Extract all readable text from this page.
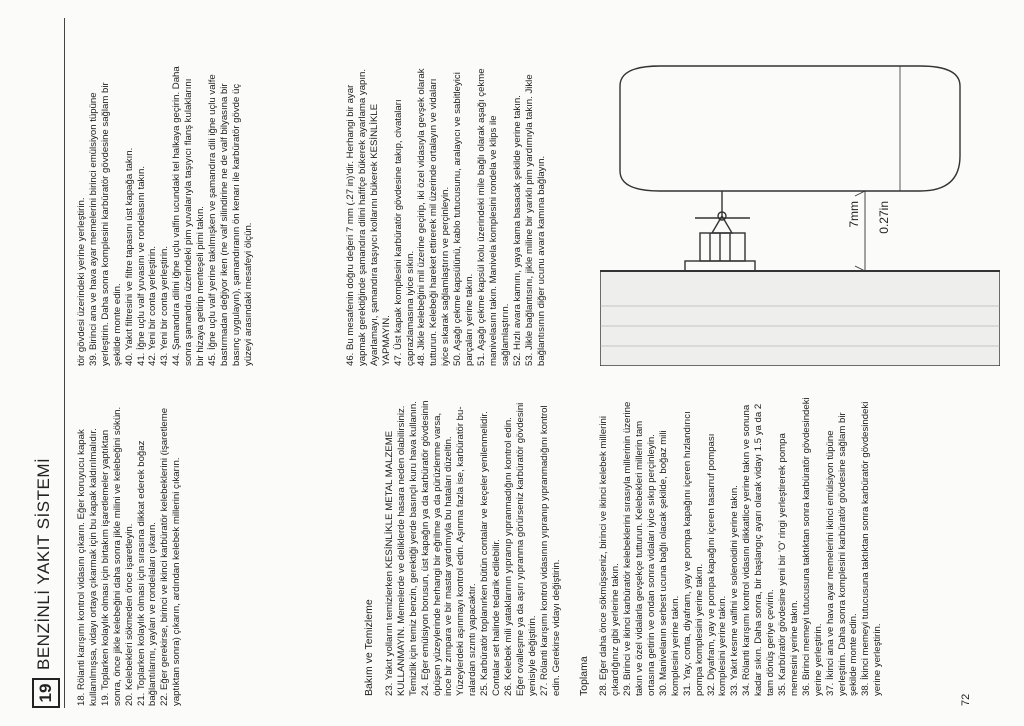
19
BENZİNLİ YAKIT SİSTEMİ 18. Rölanti karışımı kontrol vidasını çıkarın. Eğer koruyucu kapak kullanılmışsa, vidayı ortaya çıkarmak için bu kapak kaldırılmalıdır. 19. Toplarken kolaylık olması için birtakım işaretlemeler yaptıktan sonra, önce jikle kelebeğini daha sonra jikle milini ve kelebeğini sökün. 20. Kelebekleri sökmeden önce işaretleyin. 21. Toplarken kolaylık olması için sırasına dikkat ederek boğaz bağlantılarını, yayları ve rondelaları çıkarın. 22. Eğer gerekirse, birinci ve ikinci karbüratör kelebeklerini (işaretleme yaptıktan sonra) çıkarın, ardından kelebek millerini çıkarın.	Bakım ve Temizleme 23. Yakıt yollarını temizlerken KESİNLİKLE METAL MALZEME KULLANMAYIN. Memelerde ve deliklerde hasara neden olabilirsiniz. Temizlik için temiz benzin, gerektiği yerde basınçlı kuru hava kullanın. 24. Eğer emülsiyon borusun, üst kapağın ya da karbüratör gövdesinin öpüşen yüzeylerinde herhangi bir eğrilme ya da pürüzlenme varsa, ince bir zımpara ve bir mastar yardımıyla bu hataları düzeltin. Yüzeylerdeki aşınmayı kontrol edin. Aşınma fazla ise, karbüratör buralardan sızıntı yapacaktır. 25. Karbüratör toplanırken bütün contalar ve keçeler yenilenmelidir. Contalar set halinde tedarik edilebilir. 26. Kelebek mili yataklarının yıpranıp yıpranmadığını kontrol edin. Eğer ovalleşme ya da aşırı yıpranma görürseniz karbüratör gövdesini yenisiyle değiştirin. 27. Rölanti karışımı kontrol vidasının yıpranıp yıpranmadığını kontrol edin. Gerekirse vidayı değiştirin. Toplama 28. Eğer daha önce sökmüşseniz, birinci ve ikinci kelebek millerini çıkardığınız gibi yerlerine takın. 29. Birinci ve ikinci karbüratör kelebeklerini sırasıyla millerinin üzerine takın ve özel vidalarla gevşekçe tutturun. Kelebekleri millerin tam ortasına getirin ve ondan sonra vidaları iyice sıkıp perçinleyin. 30. Manivelanın serbest ucuna bağlı olacak şekilde, boğaz mili komplesini yerine takın. 31. Yay, conta, diyafram, yay ve pompa kapağını içeren hızlandırıcı pompa komplesini yerine takın. 32. Diyafram, yay ve pompa kapağını içeren tasarruf pompası komplesini yerine takın. 33. Yakıt kesme valfini ve solenoidini yerine takın. 34. Rölanti karışımı kontrol vidasını dikkatlice yerine takın ve sonuna kadar sıkın. Daha sonra, bir başlangıç ayarı olarak vidayı 1.5 ya da 2 tam dönüş geriye çevirin. 35. Karbüratör gövdesine yeni bir 'O' ringi yerleştirerek pompa memesini yerine takın. 36. Birinci memeyi tutucusuna taktıktan sonra karbüratör gövdesindeki yerine yerleştirin. 37. İkinci ana ve hava ayar memelerini ikinci emülsiyon tüpüne yerleştirin. Daha sonra komplesini karbüratör gövdesine sağlam bir şekilde monte edin. 38. İkinci memeyi tutucusuna taktıktan sonra karbüratör gövdesindeki yerine yerleştirin.

72

tör gövdesi üzerindeki yerine yerleştirin. 39. Birinci ana ve hava ayar memelerini birinci emülsiyon tüpüne yerleştirin. Daha sonra komplesini karbüratör gövdesine sağlam bir şekilde monte edin. 40. Yakıt filtresini ve filtre tapasını üst kapağa takın. 41. İğne uçlu valf yuvasını ve rondelasını takın. 42. Yeni bir conta yerleştirin. 43. Yeni bir conta yerleştirin. 44. Şamandıra dilini iğne uçlu valfin ucundaki tel halkaya geçirin. Daha sonra şamandıra üzerindeki pim yuvalarıyla taşıyıcı flanş kulaklarını bir hizaya getirip menteşeli pimi takın. 45. İğne uçlu valf yerine takılmışken ve şamandıra dili iğne uçlu valfe bastırmadan değiyor iken (ne valf silindirine ne de valf bilyasına bir basınç uygulayın), şamandıranın ön kenarı ile karbüratör gövde üç yüzeyi arasındaki mesafeyi ölçün.	46. Bu mesafenin doğru değeri 7 mm (.27 in)'dir. Herhangi bir ayar yapmak gerektiğinde şamandıra dilini hafifçe bükerek ayarlama yapın. Ayarlamayı, şamandıra taşıyıcı kollarını bükerek KESİNLİKLE YAPMAYIN. 47. Üst kapak komplesini karbüratör gövdesine takıp, civataları çaprazlamasına iyice sıkın. 48. Jikle kelebeğini mil üzerine geçirip, iki özel vidasıyla gevşek olarak tutturun. Kelebeği hareket ettirerek mil üzerinde ortalayın ve vidaları iyice sıkarak sağlamlaştırın ve perçinleyin. 50. Aşağı çekme kapsülünü, kablo tutucusunu, aralayıcı ve sabitleyici parçaları yerine takın. 51. Aşağı çekme kapsül kolu üzerindeki mile bağlı olarak aşağı çekme manivelasını takın. Manivela komplesini rondela ve klips ile sağlamlaştırın. 52. Hızlı avara kamını, yaya kama basacak şekilde yerine takın. 53. Jikle bağlantısını, jikle miline bir yarıklı pim yardımıyla takın. Jikle bağlantısının diğer ucunu avara kamına bağlayın.	7mm 0.27in
